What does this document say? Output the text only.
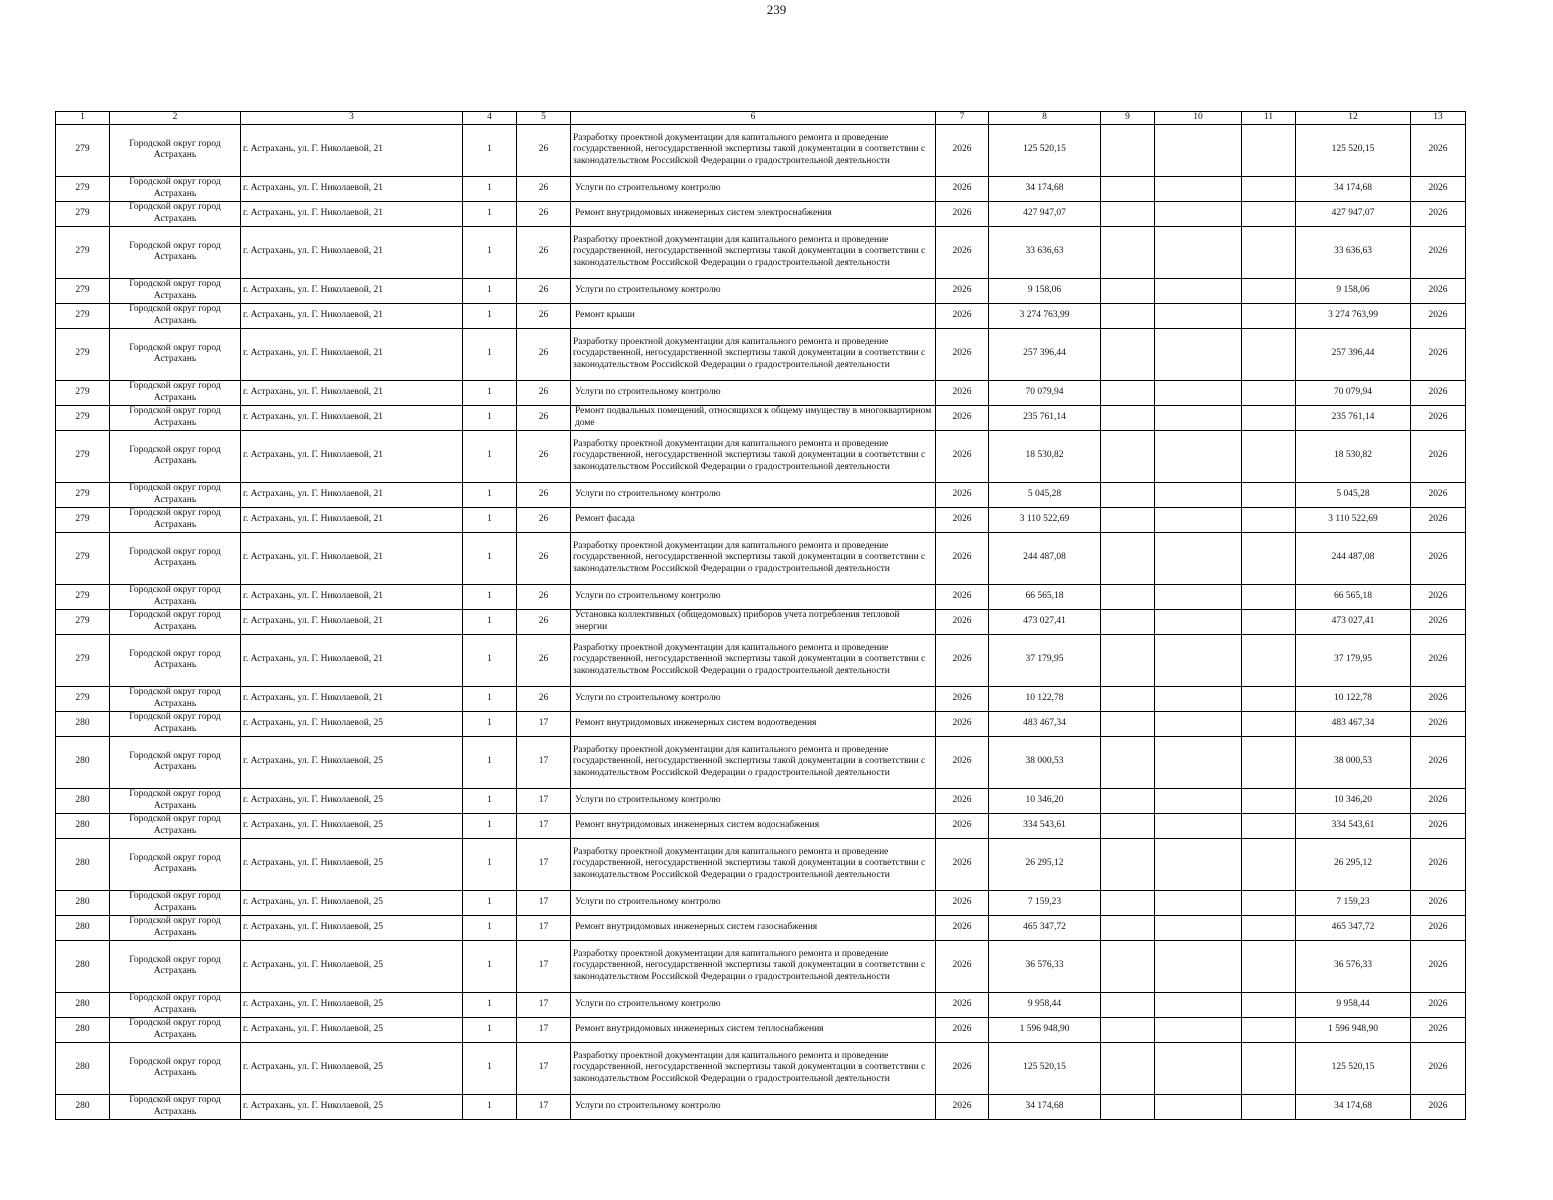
239
1	2	3	4	5	6	7	8	9	10	11	12	13
279	Городской округ город Астрахань	г. Астрахань, ул. Г. Николаевой, 21	1	26	Разработку проектной документации для капитального ремонта и проведение государственной, негосударственной экспертизы такой документации в соответствии с законодательством Российской Федерации о градостроительной деятельности	2026	125 520,15				125 520,15	2026
279	Городской округ город Астрахань	г. Астрахань, ул. Г. Николаевой, 21	1	26	Услуги по строительному контролю	2026	34 174,68				34 174,68	2026
279	Городской округ город Астрахань	г. Астрахань, ул. Г. Николаевой, 21	1	26	Ремонт внутридомовых инженерных систем электроснабжения	2026	427 947,07				427 947,07	2026
279	Городской округ город Астрахань	г. Астрахань, ул. Г. Николаевой, 21	1	26	Разработку проектной документации для капитального ремонта и проведение государственной, негосударственной экспертизы такой документации в соответствии с законодательством Российской Федерации о градостроительной деятельности	2026	33 636,63				33 636,63	2026
279	Городской округ город Астрахань	г. Астрахань, ул. Г. Николаевой, 21	1	26	Услуги по строительному контролю	2026	9 158,06				9 158,06	2026
279	Городской округ город Астрахань	г. Астрахань, ул. Г. Николаевой, 21	1	26	Ремонт крыши	2026	3 274 763,99				3 274 763,99	2026
279	Городской округ город Астрахань	г. Астрахань, ул. Г. Николаевой, 21	1	26	Разработку проектной документации для капитального ремонта и проведение государственной, негосударственной экспертизы такой документации в соответствии с законодательством Российской Федерации о градостроительной деятельности	2026	257 396,44				257 396,44	2026
279	Городской округ город Астрахань	г. Астрахань, ул. Г. Николаевой, 21	1	26	Услуги по строительному контролю	2026	70 079,94				70 079,94	2026
279	Городской округ город Астрахань	г. Астрахань, ул. Г. Николаевой, 21	1	26	Ремонт подвальных помещений, относящихся к общему имуществу в многоквартирном доме	2026	235 761,14				235 761,14	2026
279	Городской округ город Астрахань	г. Астрахань, ул. Г. Николаевой, 21	1	26	Разработку проектной документации для капитального ремонта и проведение государственной, негосударственной экспертизы такой документации в соответствии с законодательством Российской Федерации о градостроительной деятельности	2026	18 530,82				18 530,82	2026
279	Городской округ город Астрахань	г. Астрахань, ул. Г. Николаевой, 21	1	26	Услуги по строительному контролю	2026	5 045,28				5 045,28	2026
279	Городской округ город Астрахань	г. Астрахань, ул. Г. Николаевой, 21	1	26	Ремонт фасада	2026	3 110 522,69				3 110 522,69	2026
279	Городской округ город Астрахань	г. Астрахань, ул. Г. Николаевой, 21	1	26	Разработку проектной документации для капитального ремонта и проведение государственной, негосударственной экспертизы такой документации в соответствии с законодательством Российской Федерации о градостроительной деятельности	2026	244 487,08				244 487,08	2026
279	Городской округ город Астрахань	г. Астрахань, ул. Г. Николаевой, 21	1	26	Услуги по строительному контролю	2026	66 565,18				66 565,18	2026
279	Городской округ город Астрахань	г. Астрахань, ул. Г. Николаевой, 21	1	26	Установка коллективных (общедомовых) приборов учета потребления тепловой энергии	2026	473 027,41				473 027,41	2026
279	Городской округ город Астрахань	г. Астрахань, ул. Г. Николаевой, 21	1	26	Разработку проектной документации для капитального ремонта и проведение государственной, негосударственной экспертизы такой документации в соответствии с законодательством Российской Федерации о градостроительной деятельности	2026	37 179,95				37 179,95	2026
279	Городской округ город Астрахань	г. Астрахань, ул. Г. Николаевой, 21	1	26	Услуги по строительному контролю	2026	10 122,78				10 122,78	2026
280	Городской округ город Астрахань	г. Астрахань, ул. Г. Николаевой, 25	1	17	Ремонт внутридомовых инженерных систем водоотведения	2026	483 467,34				483 467,34	2026
280	Городской округ город Астрахань	г. Астрахань, ул. Г. Николаевой, 25	1	17	Разработку проектной документации для капитального ремонта и проведение государственной, негосударственной экспертизы такой документации в соответствии с законодательством Российской Федерации о градостроительной деятельности	2026	38 000,53				38 000,53	2026
280	Городской округ город Астрахань	г. Астрахань, ул. Г. Николаевой, 25	1	17	Услуги по строительному контролю	2026	10 346,20				10 346,20	2026
280	Городской округ город Астрахань	г. Астрахань, ул. Г. Николаевой, 25	1	17	Ремонт внутридомовых инженерных систем водоснабжения	2026	334 543,61				334 543,61	2026
280	Городской округ город Астрахань	г. Астрахань, ул. Г. Николаевой, 25	1	17	Разработку проектной документации для капитального ремонта и проведение государственной, негосударственной экспертизы такой документации в соответствии с законодательством Российской Федерации о градостроительной деятельности	2026	26 295,12				26 295,12	2026
280	Городской округ город Астрахань	г. Астрахань, ул. Г. Николаевой, 25	1	17	Услуги по строительному контролю	2026	7 159,23				7 159,23	2026
280	Городской округ город Астрахань	г. Астрахань, ул. Г. Николаевой, 25	1	17	Ремонт внутридомовых инженерных систем газоснабжения	2026	465 347,72				465 347,72	2026
280	Городской округ город Астрахань	г. Астрахань, ул. Г. Николаевой, 25	1	17	Разработку проектной документации для капитального ремонта и проведение государственной, негосударственной экспертизы такой документации в соответствии с законодательством Российской Федерации о градостроительной деятельности	2026	36 576,33				36 576,33	2026
280	Городской округ город Астрахань	г. Астрахань, ул. Г. Николаевой, 25	1	17	Услуги по строительному контролю	2026	9 958,44				9 958,44	2026
280	Городской округ город Астрахань	г. Астрахань, ул. Г. Николаевой, 25	1	17	Ремонт внутридомовых инженерных систем теплоснабжения	2026	1 596 948,90				1 596 948,90	2026
280	Городской округ город Астрахань	г. Астрахань, ул. Г. Николаевой, 25	1	17	Разработку проектной документации для капитального ремонта и проведение государственной, негосударственной экспертизы такой документации в соответствии с законодательством Российской Федерации о градостроительной деятельности	2026	125 520,15				125 520,15	2026
280	Городской округ город Астрахань	г. Астрахань, ул. Г. Николаевой, 25	1	17	Услуги по строительному контролю	2026	34 174,68				34 174,68	2026
